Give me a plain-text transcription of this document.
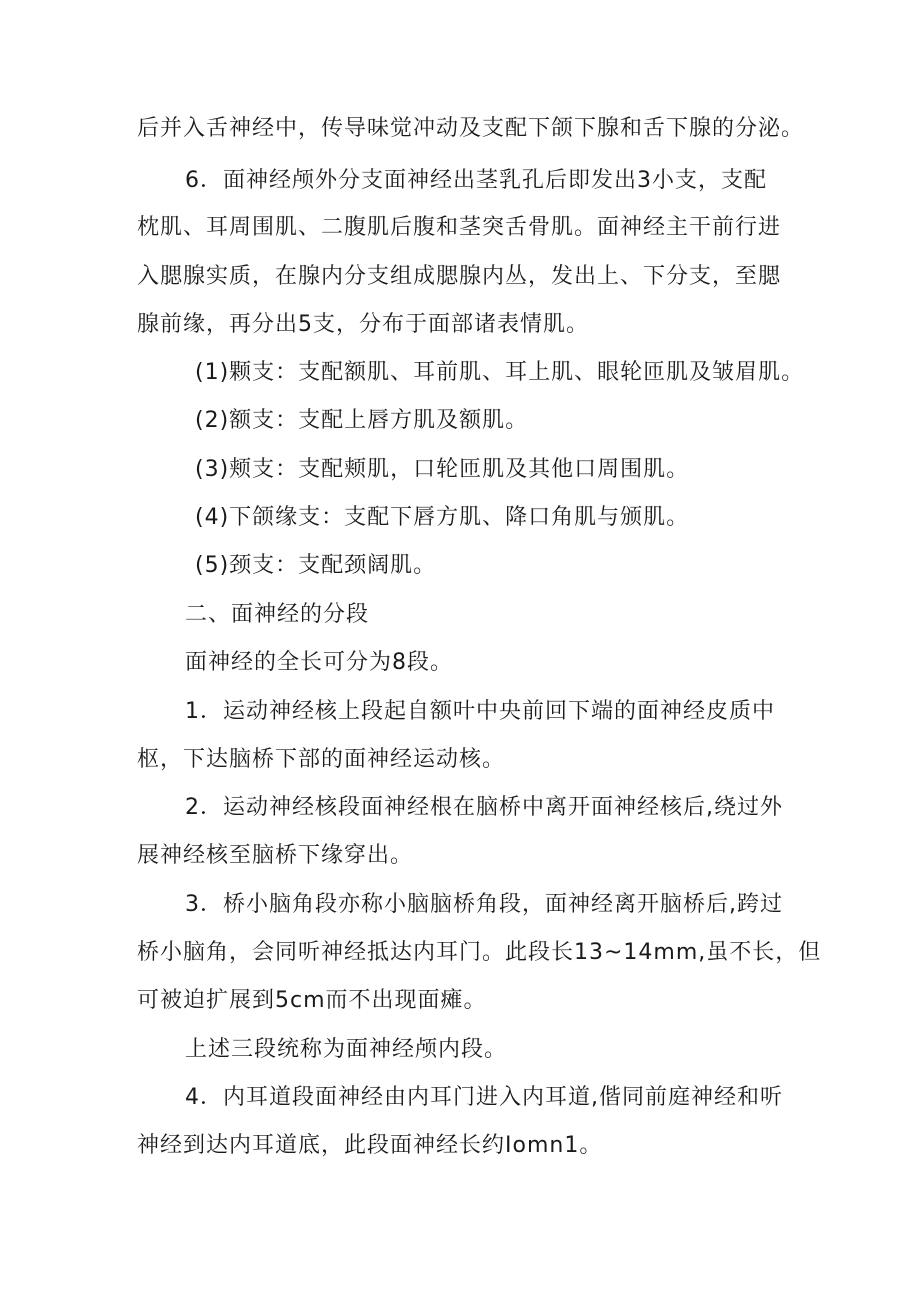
后并入舌神经中，传导味觉冲动及支配下颌下腺和舌下腺的分泌。
6．面神经颅外分支面神经出茎乳孔后即发出3小支，支配
枕肌、耳周围肌、二腹肌后腹和茎突舌骨肌。面神经主干前行进
入腮腺实质，在腺内分支组成腮腺内丛，发出上、下分支，至腮
腺前缘，再分出5支，分布于面部诸表情肌。
(1)颗支：支配额肌、耳前肌、耳上肌、眼轮匝肌及皱眉肌。
(2)额支：支配上唇方肌及额肌。
(3)颊支：支配颊肌，口轮匝肌及其他口周围肌。
(4)下颌缘支：支配下唇方肌、降口角肌与颁肌。
(5)颈支：支配颈阔肌。
二、面神经的分段
面神经的全长可分为8段。
1．运动神经核上段起自额叶中央前回下端的面神经皮质中
枢，下达脑桥下部的面神经运动核。
2．运动神经核段面神经根在脑桥中离开面神经核后,绕过外
展神经核至脑桥下缘穿出。
3．桥小脑角段亦称小脑脑桥角段，面神经离开脑桥后,跨过
桥小脑角，会同听神经抵达内耳门。此段长13~14mm,虽不长，但
可被迫扩展到5cm而不出现面瘫。
上述三段统称为面神经颅内段。
4．内耳道段面神经由内耳门进入内耳道,偕同前庭神经和听
神经到达内耳道底，此段面神经长约Iomn1。
